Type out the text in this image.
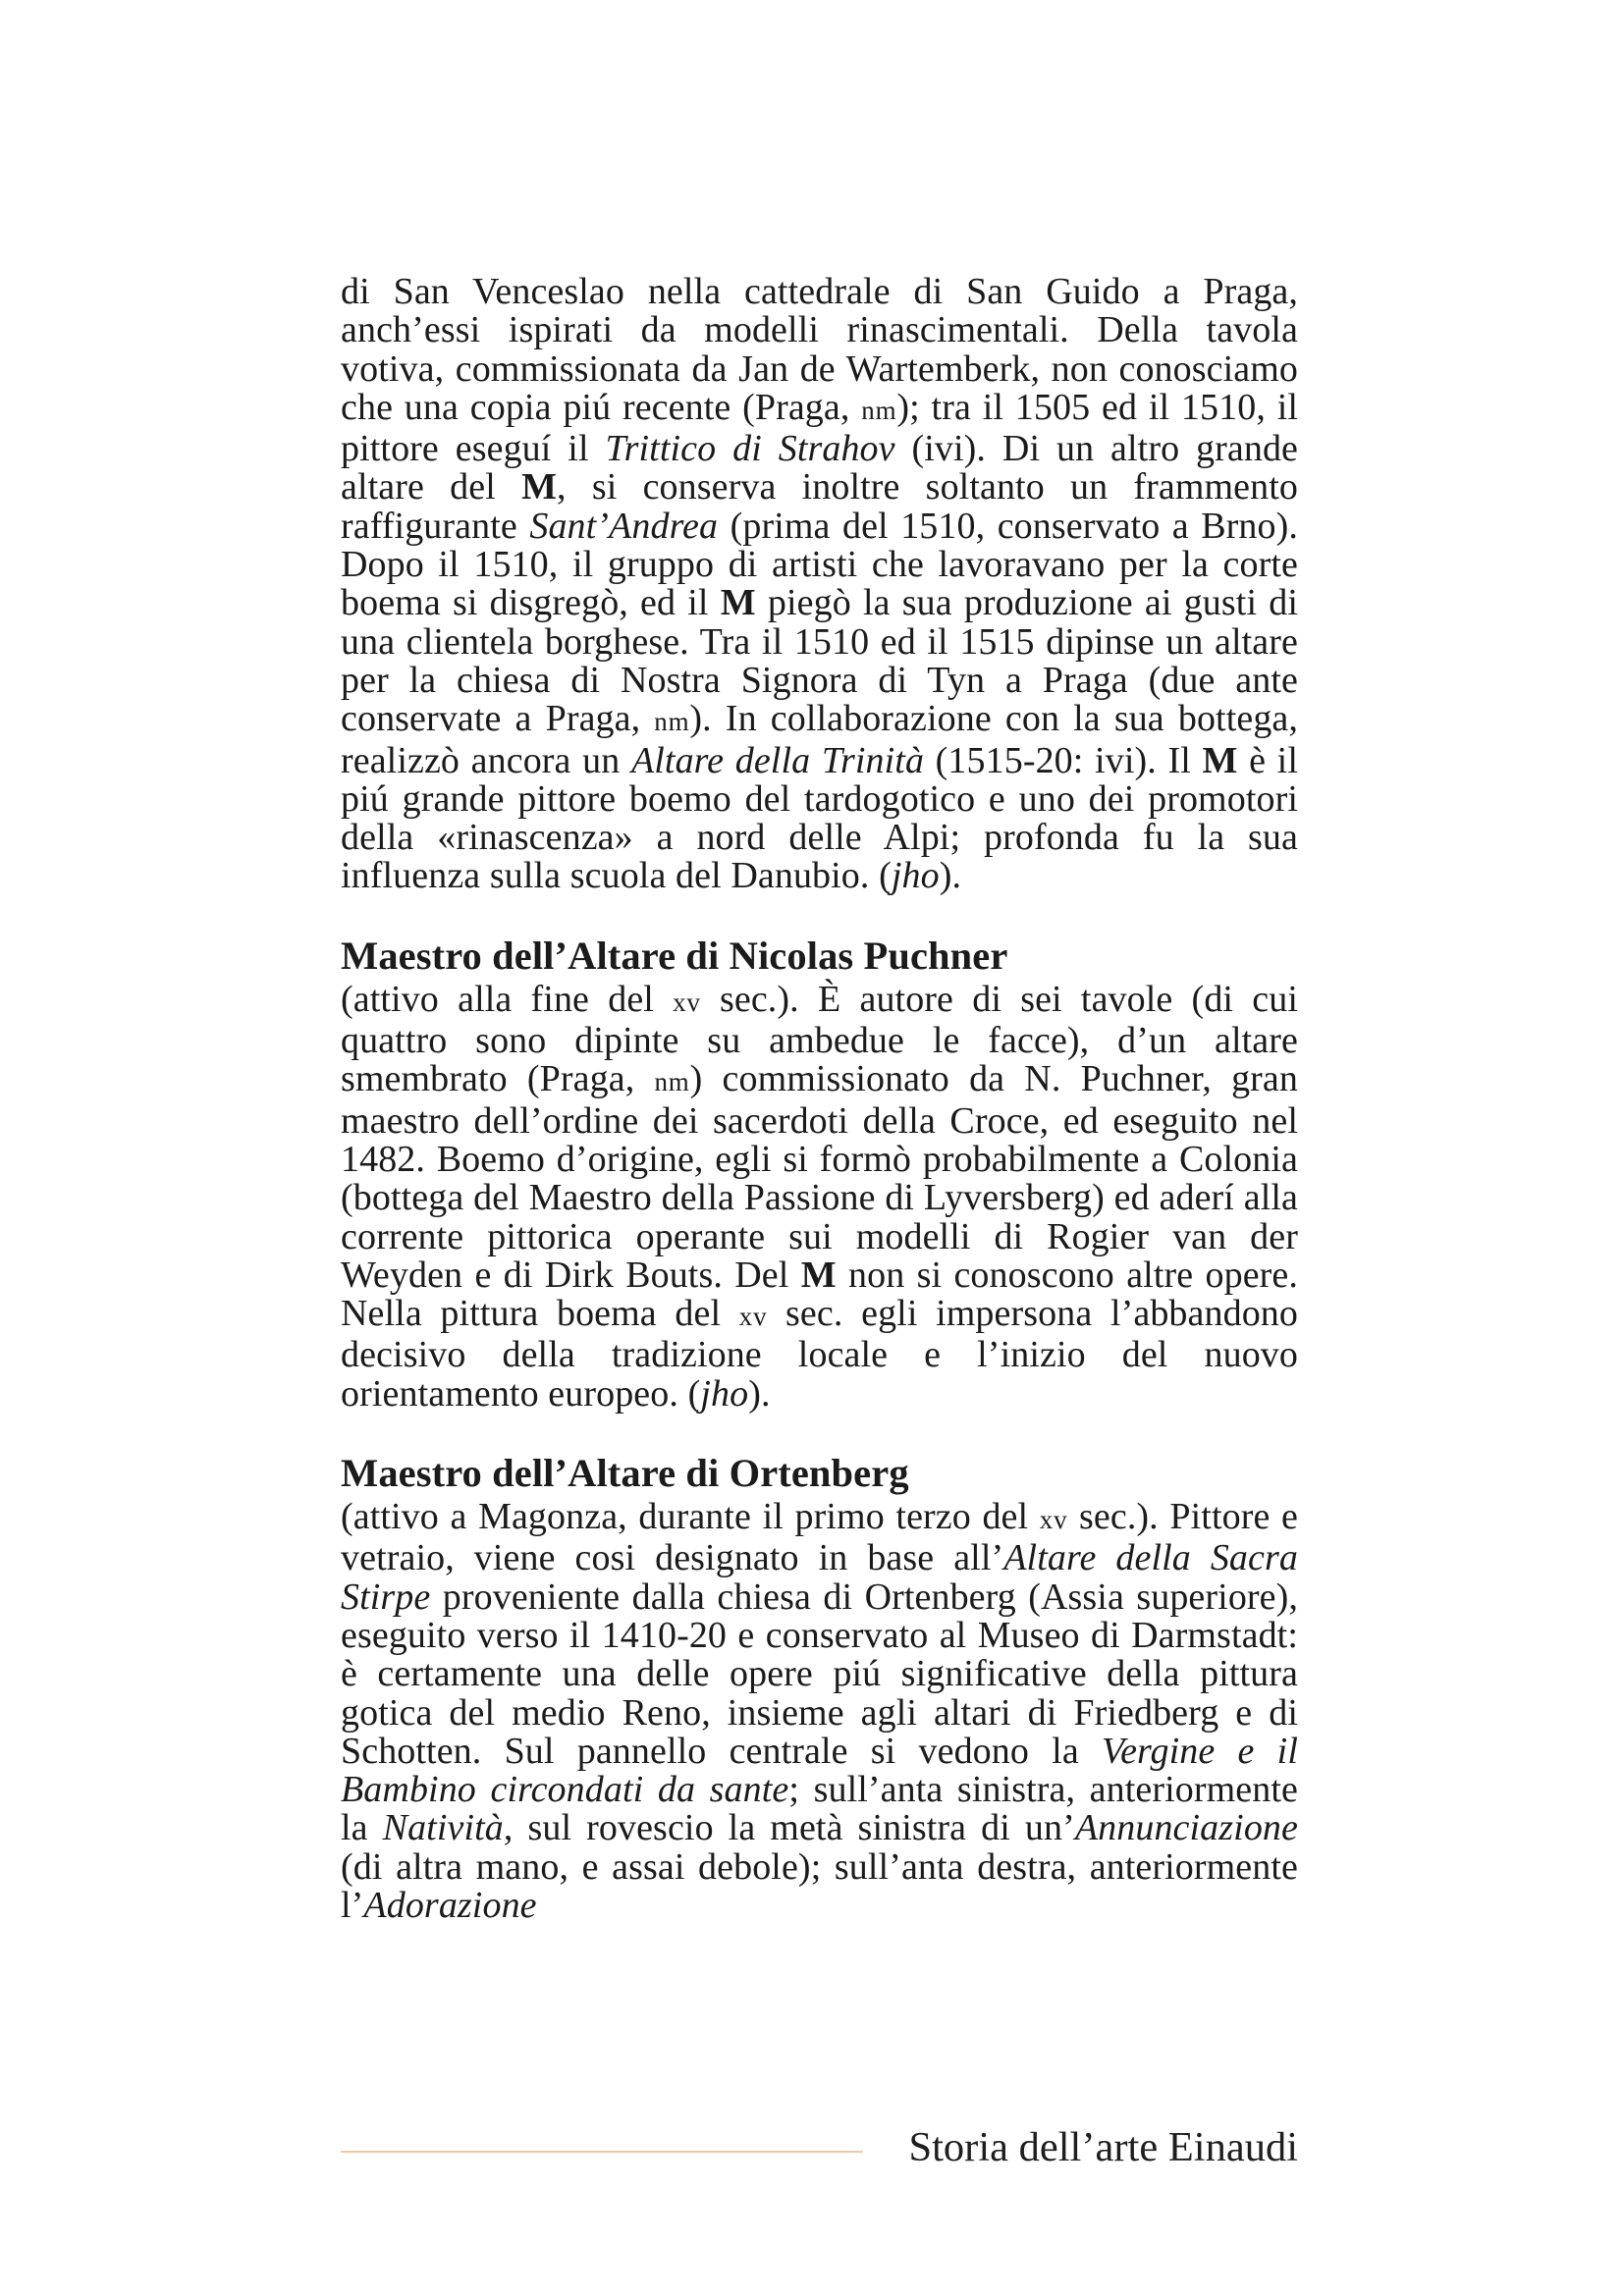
di San Venceslao nella cattedrale di San Guido a Praga, anch’essi ispirati da modelli rinascimentali. Della tavola votiva, commissionata da Jan de Wartemberk, non conosciamo che una copia piú recente (Praga, nm); tra il 1505 ed il 1510, il pittore eseguí il Trittico di Strahov (ivi). Di un altro grande altare del M, si conserva inoltre soltanto un frammento raffigurante Sant’Andrea (prima del 1510, conservato a Brno). Dopo il 1510, il gruppo di artisti che lavoravano per la corte boema si disgregò, ed il M piegò la sua produzione ai gusti di una clientela borghese. Tra il 1510 ed il 1515 dipinse un altare per la chiesa di Nostra Signora di Tyn a Praga (due ante conservate a Praga, nm). In collaborazione con la sua bottega, realizzò ancora un Altare della Trinità (1515-20: ivi). Il M è il piú grande pittore boemo del tardogotico e uno dei promotori della «rinascenza» a nord delle Alpi; profonda fu la sua influenza sulla scuola del Danubio. (jho).

Maestro dell’Altare di Nicolas Puchner

(attivo alla fine del xv sec.). È autore di sei tavole (di cui quattro sono dipinte su ambedue le facce), d’un altare smembrato (Praga, nm) commissionato da N. Puchner, gran maestro dell’ordine dei sacerdoti della Croce, ed eseguito nel 1482. Boemo d’origine, egli si formò probabilmente a Colonia (bottega del Maestro della Passione di Lyversberg) ed aderí alla corrente pittorica operante sui modelli di Rogier van der Weyden e di Dirk Bouts. Del M non si conoscono altre opere. Nella pittura boema del xv sec. egli impersona l’abbandono decisivo della tradizione locale e l’inizio del nuovo orientamento europeo. (jho).

Maestro dell’Altare di Ortenberg

(attivo a Magonza, durante il primo terzo del xv sec.). Pittore e vetraio, viene cosi designato in base all’Altare della Sacra Stirpe proveniente dalla chiesa di Ortenberg (Assia superiore), eseguito verso il 1410-20 e conservato al Museo di Darmstadt: è certamente una delle opere piú significative della pittura gotica del medio Reno, insieme agli altari di Friedberg e di Schotten. Sul pannello centrale si vedono la Vergine e il Bambino circondati da sante; sull’anta sinistra, anteriormente la Natività, sul rovescio la metà sinistra di un’Annunciazione (di altra mano, e assai debole); sull’anta destra, anteriormente l’Adorazione

Storia dell’arte Einaudi
